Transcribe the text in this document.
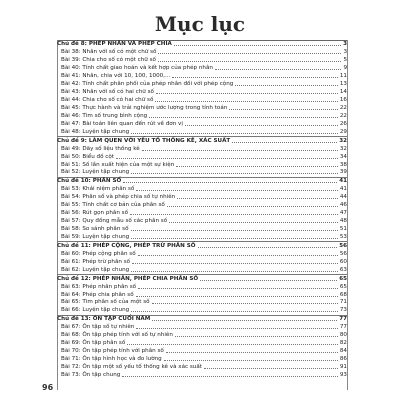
Mục lục
Chủ đề 8: PHÉP NHÂN VÀ PHÉP CHIA	3
Bài 38: Nhân với số có một chữ số	3
Bài 39: Chia cho số có một chữ số	5
Bài 40: Tính chất giao hoán và kết hợp của phép nhân	9
Bài 41: Nhân, chia với 10, 100, 1000,...	11
Bài 42: Tính chất phân phối của phép nhân đối với phép cộng	13
Bài 43: Nhân với số có hai chữ số	14
Bài 44: Chia cho số có hai chữ số	16
Bài 45: Thực hành và trải nghiệm ước lượng trong tính toán	22
Bài 46: Tìm số trung bình cộng	22
Bài 47: Bài toán liên quan đến rút về đơn vị	26
Bài 48: Luyện tập chung	29
Chủ đề 9: LÀM QUEN VỚI YẾU TỐ THỐNG KÊ, XÁC SUẤT	32
Bài 49: Dãy số liệu thống kê	32
Bài 50: Biểu đồ cột	34
Bài 51: Số lần xuất hiện của một sự kiện	38
Bài 52: Luyện tập chung	39
Chủ đề 10: PHÂN SỐ	41
Bài 53: Khái niệm phân số	41
Bài 54: Phân số và phép chia số tự nhiên	44
Bài 55: Tính chất cơ bản của phân số	46
Bài 56: Rút gọn phân số	47
Bài 57: Quy đồng mẫu số các phân số	48
Bài 58: So sánh phân số	51
Bài 59: Luyện tập chung	53
Chủ đề 11: PHÉP CỘNG, PHÉP TRỪ PHÂN SỐ	56
Bài 60: Phép cộng phân số	56
Bài 61: Phép trừ phân số	60
Bài 62: Luyện tập chung	63
Chủ đề 12: PHÉP NHÂN, PHÉP CHIA PHÂN SỐ	65
Bài 63: Phép nhân phân số	65
Bài 64: Phép chia phân số	68
Bài 65: Tìm phân số của một số	71
Bài 66: Luyện tập chung	73
Chủ đề 13: ÔN TẬP CUỐI NĂM	77
Bài 67: Ôn tập số tự nhiên	77
Bài 68: Ôn tập phép tính với số tự nhiên	80
Bài 69: Ôn tập phân số	82
Bài 70: Ôn tập phép tính với phân số	84
Bài 71: Ôn tập hình học và đo lường	86
Bài 72: Ôn tập một số yếu tố thống kê và xác suất	91
Bài 73: Ôn tập chung	93
96
